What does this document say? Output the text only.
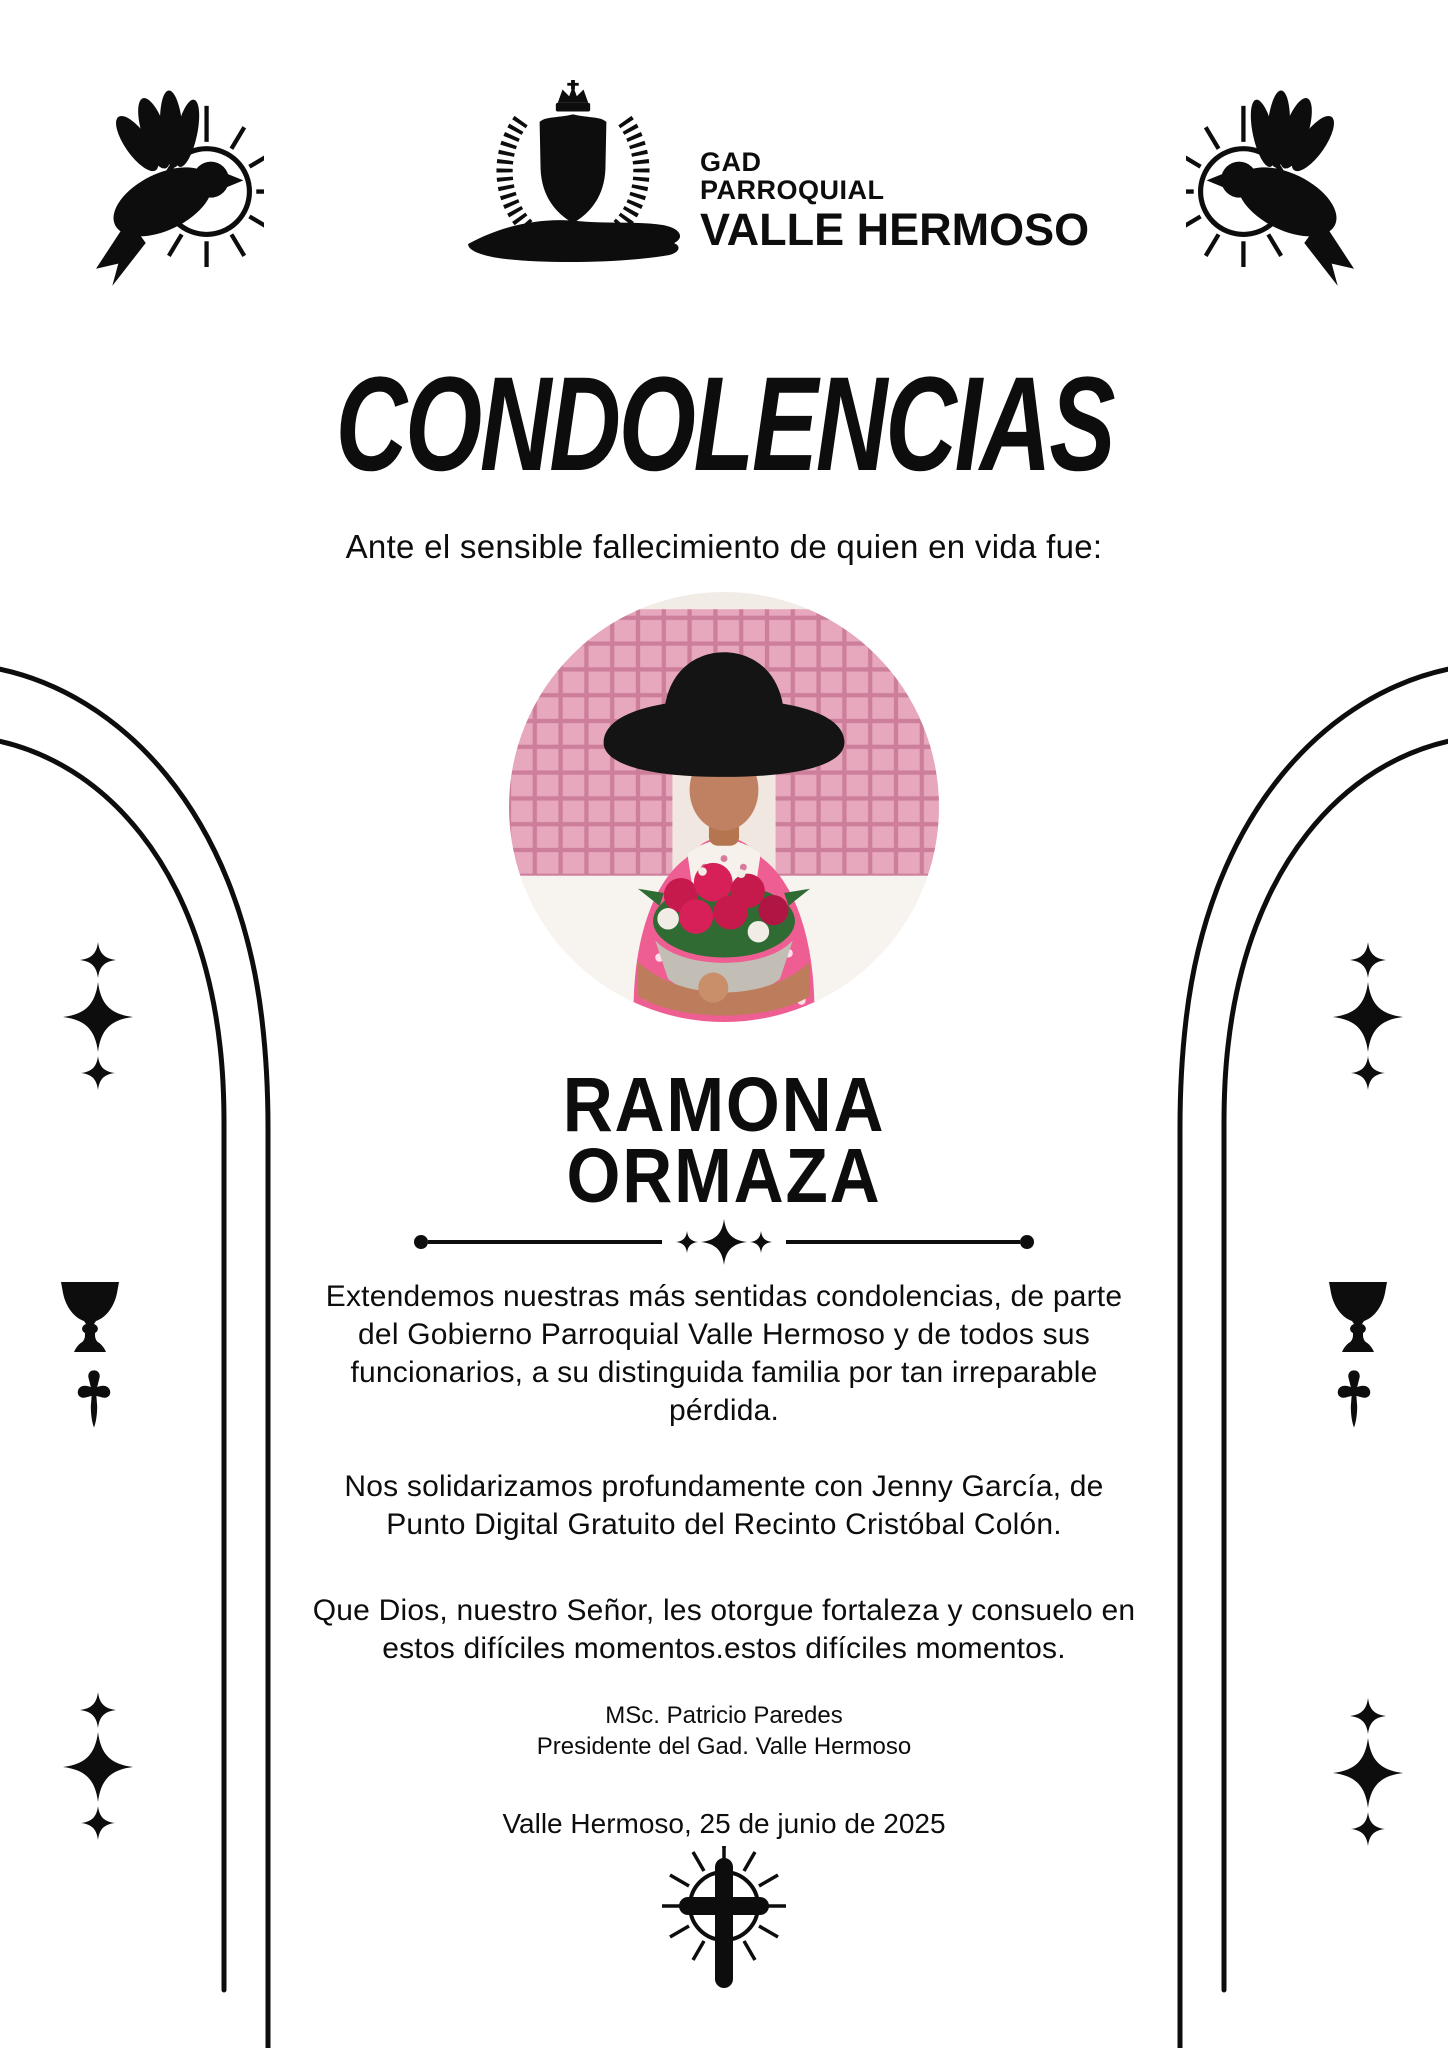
GAD
PARROQUIAL
VALLE HERMOSO
CONDOLENCIAS
Ante el sensible fallecimiento de quien en vida fue:
RAMONA
ORMAZA
Extendemos nuestras más sentidas condolencias, de parte
del Gobierno Parroquial Valle Hermoso y de todos sus
funcionarios, a su distinguida familia por tan irreparable
pérdida.
Nos solidarizamos profundamente con Jenny García, de
Punto Digital Gratuito del Recinto Cristóbal Colón.
Que Dios, nuestro Señor, les otorgue fortaleza y consuelo en
estos difíciles momentos.estos difíciles momentos.
MSc. Patricio Paredes
Presidente del Gad. Valle Hermoso
Valle Hermoso, 25 de junio de 2025
